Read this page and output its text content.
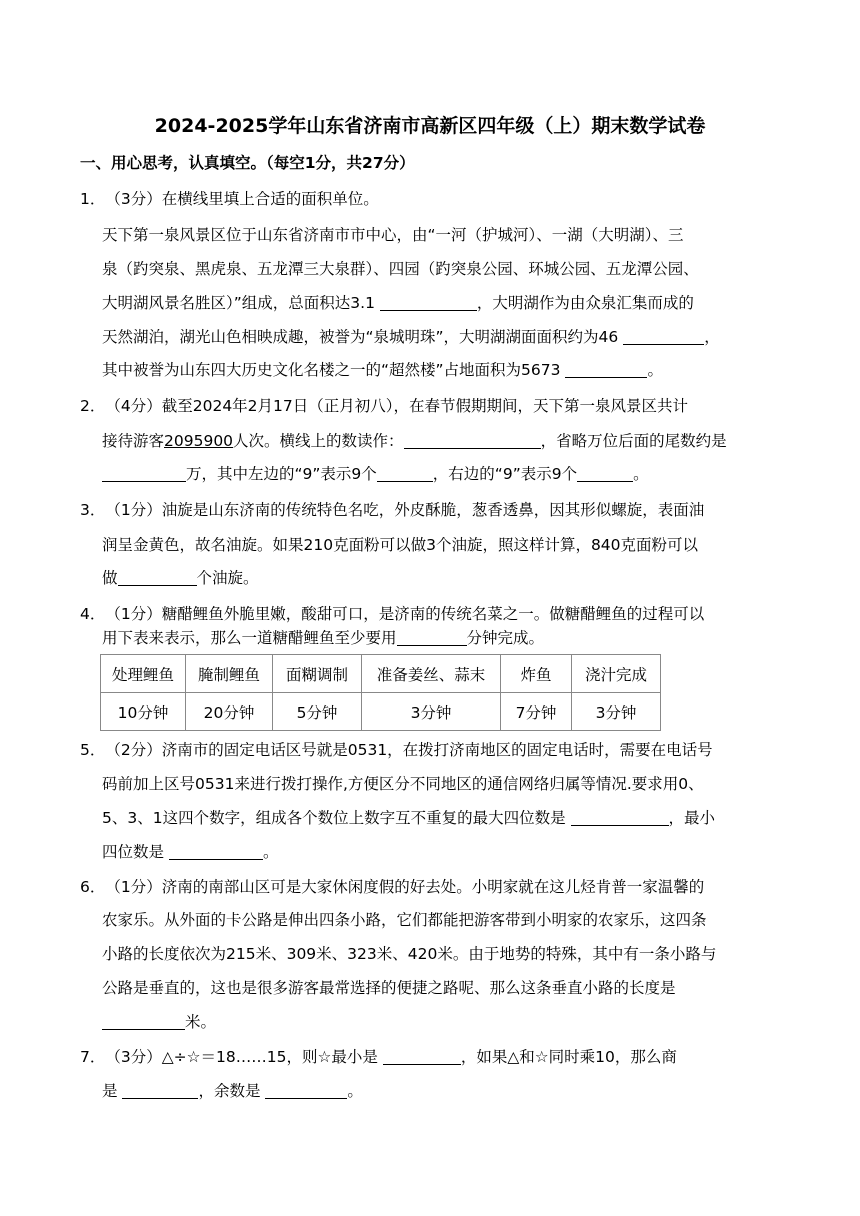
2024-2025学年山东省济南市高新区四年级（上）期末数学试卷
一、用心思考，认真填空。（每空1分，共27分）
1．（3分）在横线里填上合适的面积单位。
天下第一泉风景区位于山东省济南市市中心，由“一河（护城河）、一湖（大明湖）、三
泉（趵突泉、黑虎泉、五龙潭三大泉群）、四园（趵突泉公园、环城公园、五龙潭公园、
大明湖风景名胜区）”组成，总面积达3.1	，大明湖作为由众泉汇集而成的
天然湖泊，湖光山色相映成趣，被誉为“泉城明珠”，大明湖湖面面积约为46	，
其中被誉为山东四大历史文化名楼之一的“超然楼”占地面积为5673	。
2．（4分）截至2024年2月17日（正月初八），在春节假期期间，天下第一泉风景区共计
接待游客2095900人次。横线上的数读作：	，省略万位后面的尾数约是
万，其中左边的“9”表示9个	，右边的“9”表示9个	。
3．（1分）油旋是山东济南的传统特色名吃，外皮酥脆，葱香透鼻，因其形似螺旋，表面油
润呈金黄色，故名油旋。如果210克面粉可以做3个油旋，照这样计算，840克面粉可以
做	个油旋。
4．（1分）糖醋鲤鱼外脆里嫩，酸甜可口，是济南的传统名菜之一。做糖醋鲤鱼的过程可以
用下表来表示，那么一道糖醋鲤鱼至少要用	分钟完成。
处理鲤鱼	腌制鲤鱼	面糊调制	准备姜丝、蒜末	炸鱼	浇汁完成
10分钟	20分钟	5分钟	3分钟	7分钟	3分钟
5．（2分）济南市的固定电话区号就是0531，在拨打济南地区的固定电话时，需要在电话号
码前加上区号0531来进行拨打操作,方便区分不同地区的通信网络归属等情况.要求用0、
5、3、1这四个数字，组成各个数位上数字互不重复的最大四位数是	，最小
四位数是	。
6．（1分）济南的南部山区可是大家休闲度假的好去处。小明家就在这儿烃肯普一家温馨的
农家乐。从外面的卡公路是伸出四条小路，它们都能把游客带到小明家的农家乐，这四条
小路的长度依次为215米、309米、323米、420米。由于地势的特殊，其中有一条小路与
公路是垂直的，这也是很多游客最常选择的便捷之路呢、那么这条垂直小路的长度是
米。
7．（3分）△÷☆＝18……15，则☆最小是	，如果△和☆同时乘10，那么商
是	，余数是	。
